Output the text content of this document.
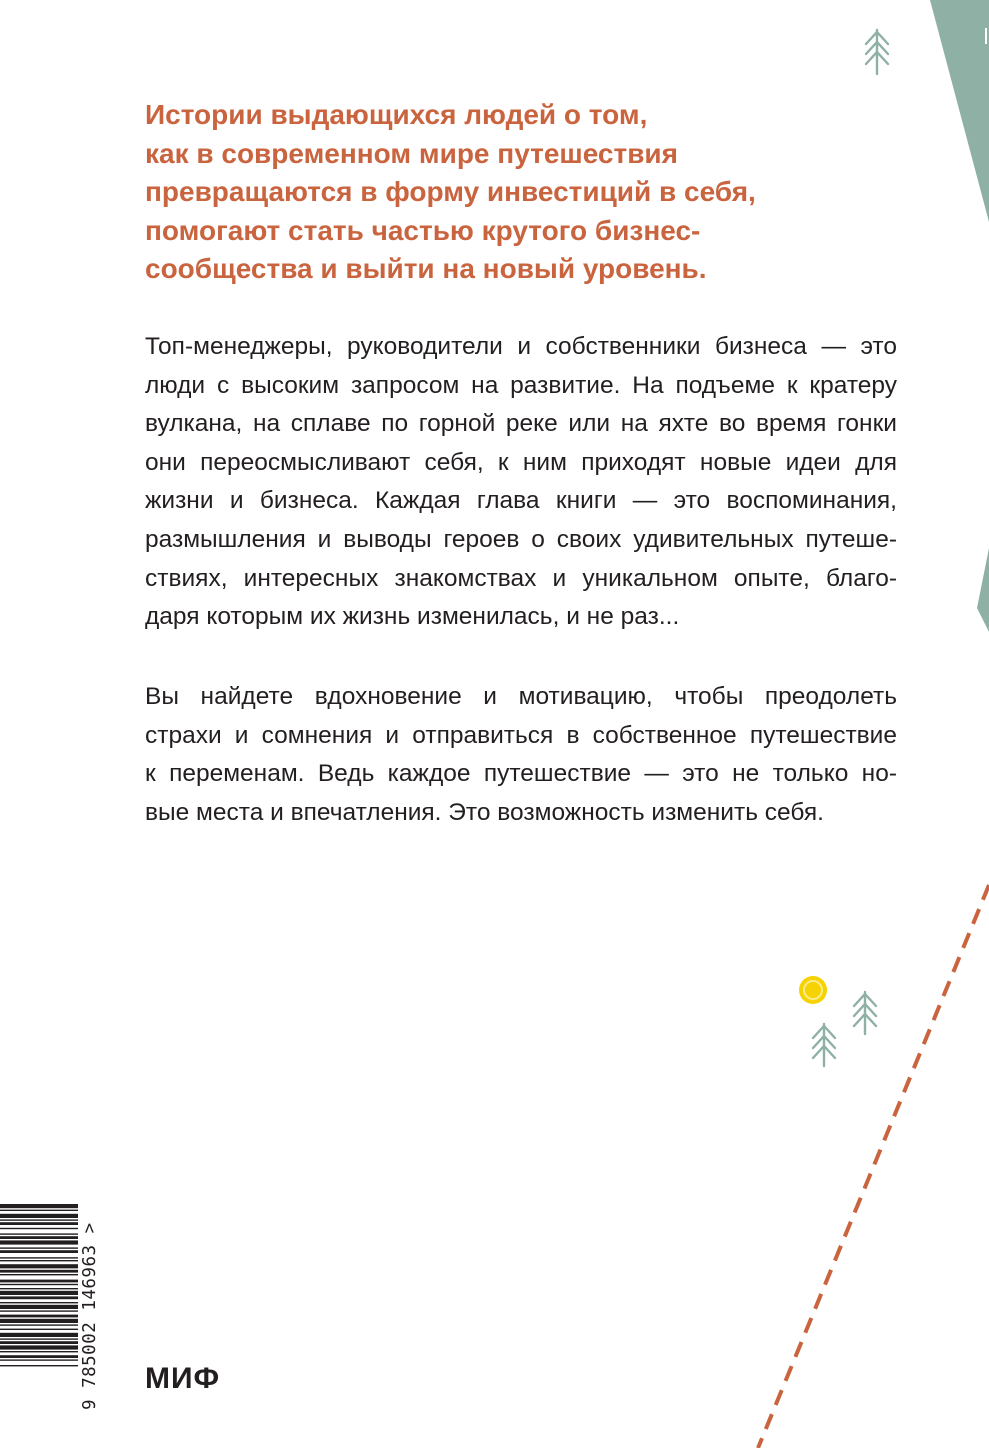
Истории выдающихся людей о том,
как в современном мире путешествия
превращаются в форму инвестиций в себя,
помогают стать частью крутого бизнес-
сообщества и выйти на новый уровень.

Топ-менеджеры, руководители и собственники бизнеса — это
люди с высоким запросом на развитие. На подъеме к кратеру
вулкана, на сплаве по горной реке или на яхте во время гонки
они переосмысливают себя, к ним приходят новые идеи для
жизни и бизнеса. Каждая глава книги — это воспоминания,
размышления и выводы героев о своих удивительных путеше-
ствиях, интересных знакомствах и уникальном опыте, благо-
даря которым их жизнь изменилась, и не раз...

Вы найдете вдохновение и мотивацию, чтобы преодолеть
страхи и сомнения и отправиться в собственное путешествие
к переменам. Ведь каждое путешествие — это не только но-
вые места и впечатления. Это возможность изменить себя.

9 785002 146963 > МИФ
